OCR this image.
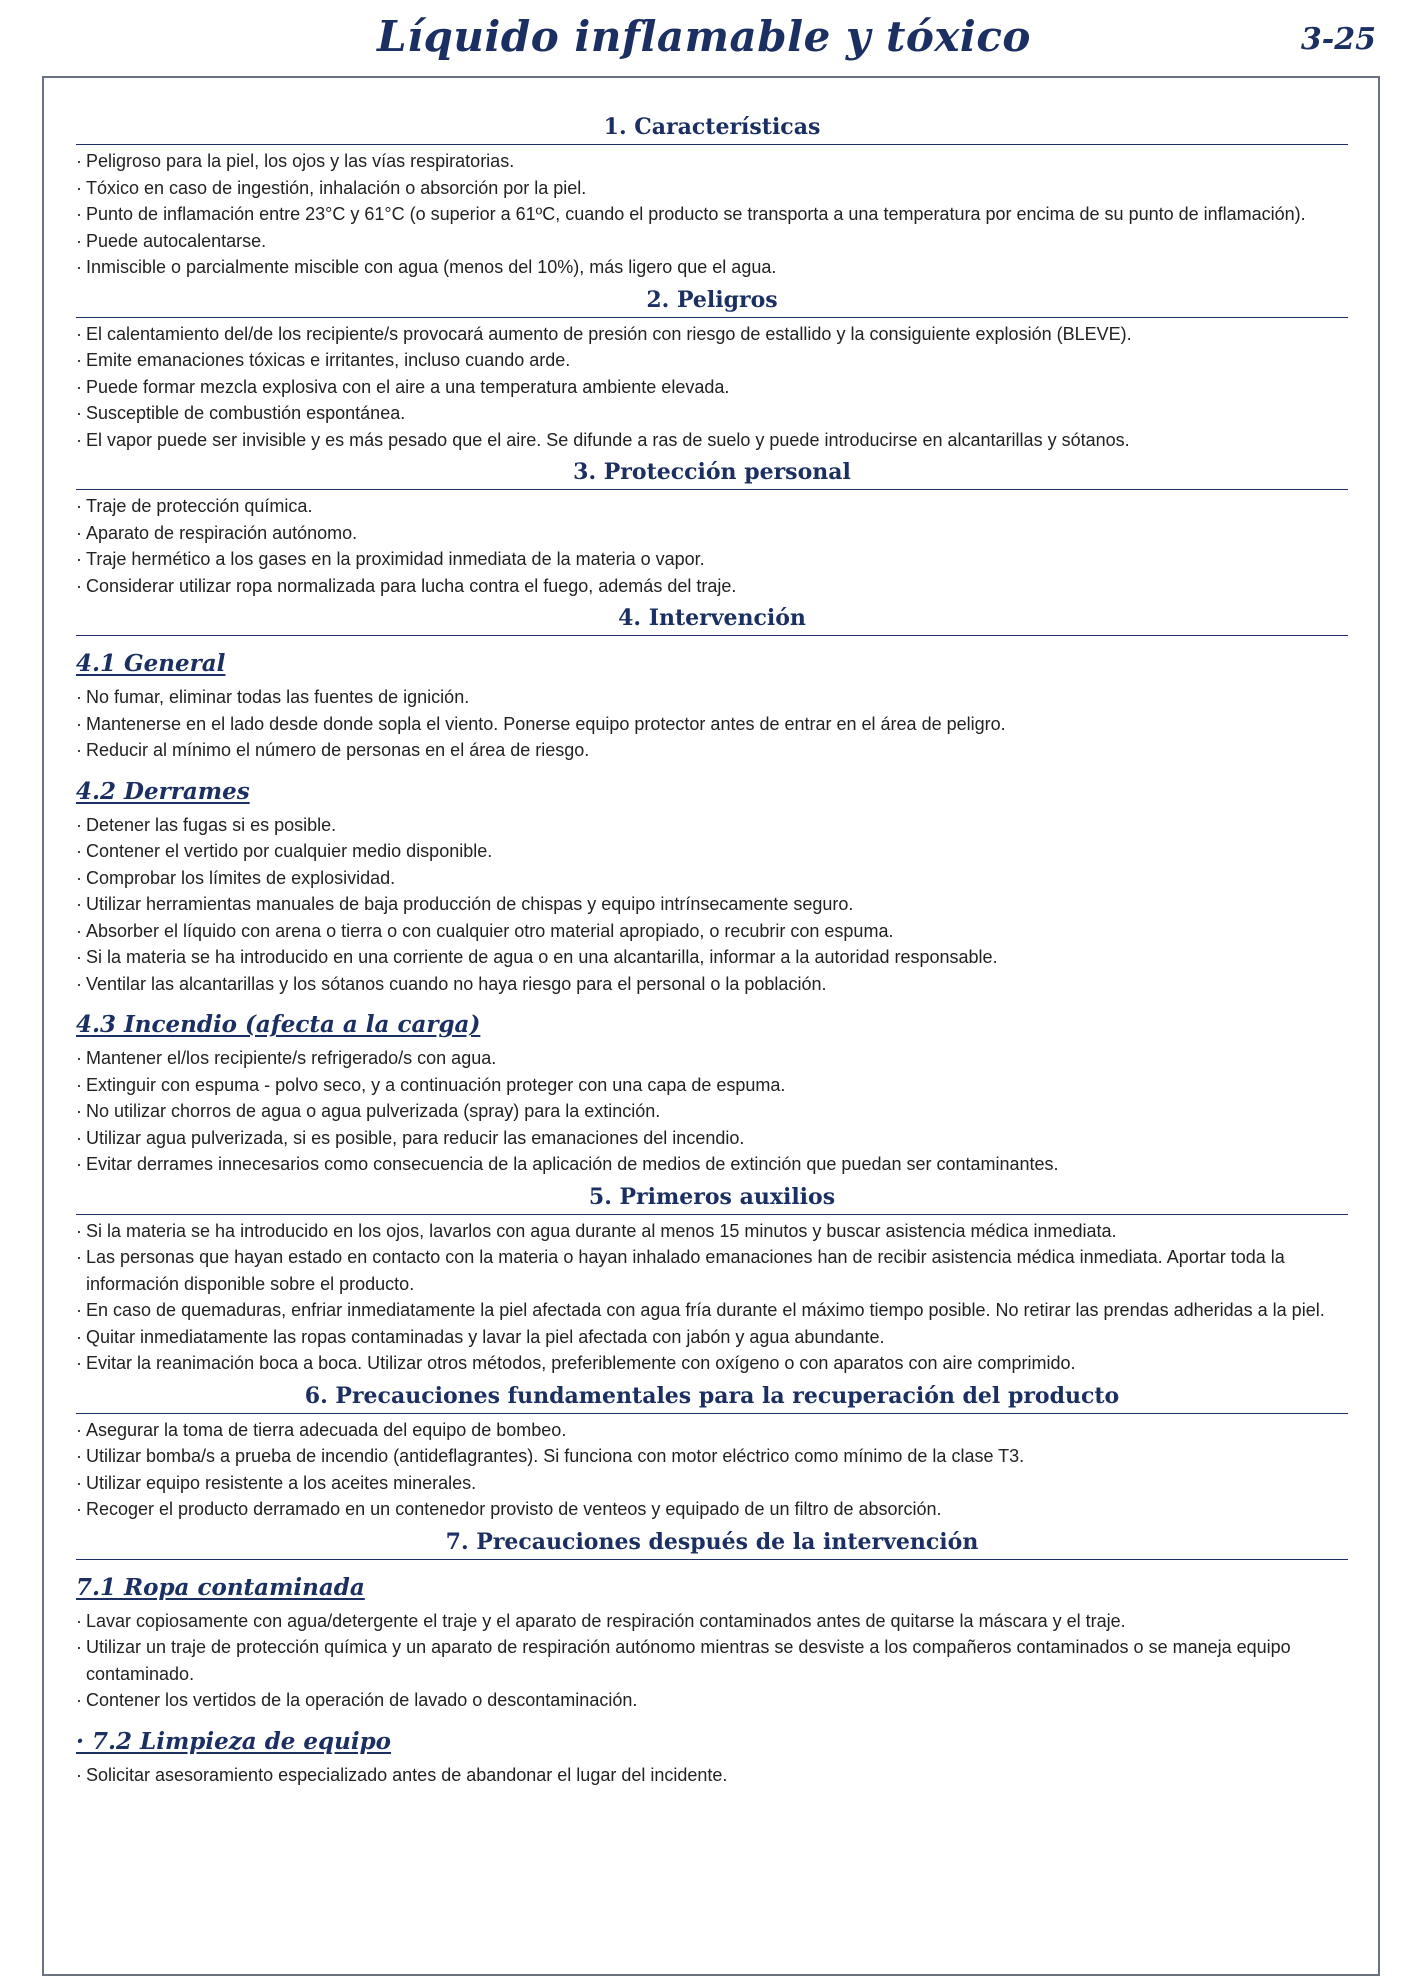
Líquido inflamable y tóxico	3-25
1. Características
· Peligroso para la piel, los ojos y las vías respiratorias.
· Tóxico en caso de ingestión, inhalación o absorción por la piel.
· Punto de inflamación entre 23°C y 61°C (o superior a 61ºC, cuando el producto se transporta a una temperatura por encima de su punto de inflamación).
· Puede autocalentarse.
· Inmiscible o parcialmente miscible con agua (menos del 10%), más ligero que el agua.
2. Peligros
· El calentamiento del/de los recipiente/s provocará aumento de presión con riesgo de estallido y la consiguiente explosión (BLEVE).
· Emite emanaciones tóxicas e irritantes, incluso cuando arde.
· Puede formar mezcla explosiva con el aire a una temperatura ambiente elevada.
· Susceptible de combustión espontánea.
· El vapor puede ser invisible y es más pesado que el aire. Se difunde a ras de suelo y puede introducirse en alcantarillas y sótanos.
3. Protección personal
· Traje de protección química.
· Aparato de respiración autónomo.
· Traje hermético a los gases en la proximidad inmediata de la materia o vapor.
· Considerar utilizar ropa normalizada para lucha contra el fuego, además del traje.
4. Intervención
4.1 General
· No fumar, eliminar todas las fuentes de ignición.
· Mantenerse en el lado desde donde sopla el viento. Ponerse equipo protector antes de entrar en el área de peligro.
· Reducir al mínimo el número de personas en el área de riesgo.
4.2 Derrames
· Detener las fugas si es posible.
· Contener el vertido por cualquier medio disponible.
· Comprobar los límites de explosividad.
· Utilizar herramientas manuales de baja producción de chispas y equipo intrínsecamente seguro.
· Absorber el líquido con arena o tierra o con cualquier otro material apropiado, o recubrir con espuma.
· Si la materia se ha introducido en una corriente de agua o en una alcantarilla, informar a la autoridad responsable.
· Ventilar las alcantarillas y los sótanos cuando no haya riesgo para el personal o la población.
4.3 Incendio (afecta a la carga)
· Mantener el/los recipiente/s refrigerado/s con agua.
· Extinguir con espuma - polvo seco, y a continuación proteger con una capa de espuma.
· No utilizar chorros de agua o agua pulverizada (spray) para la extinción.
· Utilizar agua pulverizada, si es posible, para reducir las emanaciones del incendio.
· Evitar derrames innecesarios como consecuencia de la aplicación de medios de extinción que puedan ser contaminantes.
5. Primeros auxilios
· Si la materia se ha introducido en los ojos, lavarlos con agua durante al menos 15 minutos y buscar asistencia médica inmediata.
· Las personas que hayan estado en contacto con la materia o hayan inhalado emanaciones han de recibir asistencia médica inmediata. Aportar toda la información disponible sobre el producto.
· En caso de quemaduras, enfriar inmediatamente la piel afectada con agua fría durante el máximo tiempo posible. No retirar las prendas adheridas a la piel.
· Quitar inmediatamente las ropas contaminadas y lavar la piel afectada con jabón y agua abundante.
· Evitar la reanimación boca a boca. Utilizar otros métodos, preferiblemente con oxígeno o con aparatos con aire comprimido.
6. Precauciones fundamentales para la recuperación del producto
· Asegurar la toma de tierra adecuada del equipo de bombeo.
· Utilizar bomba/s a prueba de incendio (antideflagrantes). Si funciona con motor eléctrico como mínimo de la clase T3.
· Utilizar equipo resistente a los aceites minerales.
· Recoger el producto derramado en un contenedor provisto de venteos y equipado de un filtro de absorción.
7. Precauciones después de la intervención
7.1 Ropa contaminada
· Lavar copiosamente con agua/detergente el traje y el aparato de respiración contaminados antes de quitarse la máscara y el traje.
· Utilizar un traje de protección química y un aparato de respiración autónomo mientras se desviste a los compañeros contaminados o se maneja equipo contaminado.
· Contener los vertidos de la operación de lavado o descontaminación.
· 7.2 Limpieza de equipo
· Solicitar asesoramiento especializado antes de abandonar el lugar del incidente.
